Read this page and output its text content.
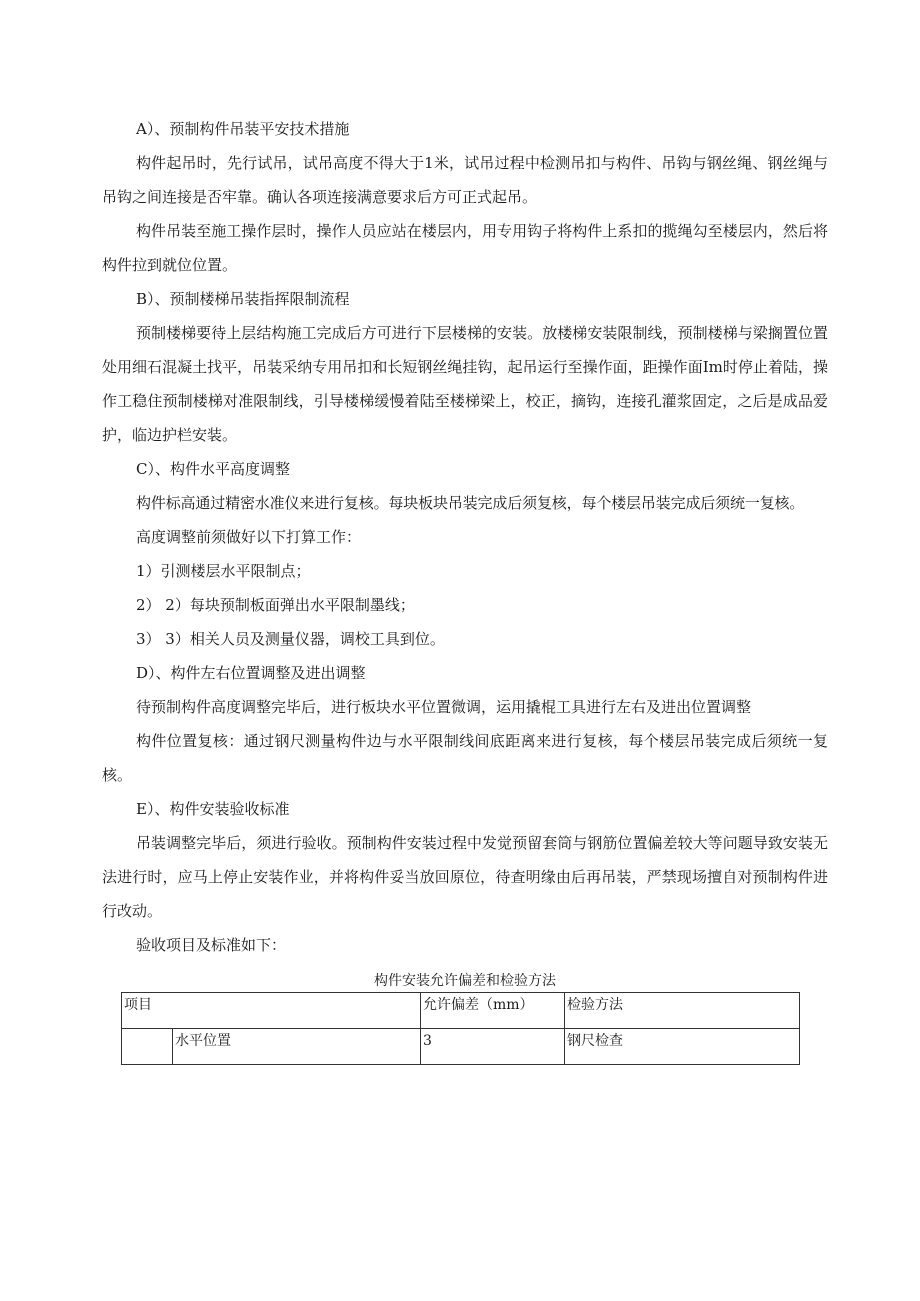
A）、预制构件吊装平安技术措施

构件起吊时，先行试吊，试吊高度不得大于1米，试吊过程中检测吊扣与构件、吊钩与钢丝绳、钢丝绳与吊钩之间连接是否牢靠。确认各项连接满意要求后方可正式起吊。

构件吊装至施工操作层时，操作人员应站在楼层内，用专用钩子将构件上系扣的揽绳勾至楼层内，然后将构件拉到就位位置。

B）、预制楼梯吊装指挥限制流程

预制楼梯要待上层结构施工完成后方可进行下层楼梯的安装。放楼梯安装限制线，预制楼梯与梁搁置位置处用细石混凝土找平，吊装采纳专用吊扣和长短钢丝绳挂钩，起吊运行至操作面，距操作面Im时停止着陆，操作工稳住预制楼梯对准限制线，引导楼梯缓慢着陆至楼梯梁上，校正，摘钩，连接孔灌浆固定，之后是成品爱护，临边护栏安装。

C）、构件水平高度调整

构件标高通过精密水准仪来进行复核。每块板块吊装完成后须复核，每个楼层吊装完成后须统一复核。

高度调整前须做好以下打算工作：

1）引测楼层水平限制点；

2） 2）每块预制板面弹出水平限制墨线；

3） 3）相关人员及测量仪器，调校工具到位。

D）、构件左右位置调整及进出调整

待预制构件高度调整完毕后，进行板块水平位置微调，运用撬棍工具进行左右及进出位置调整

构件位置复核：通过钢尺测量构件边与水平限制线间底距离来进行复核，每个楼层吊装完成后须统一复核。

E）、构件安装验收标准

吊装调整完毕后，须进行验收。预制构件安装过程中发觉预留套筒与钢筋位置偏差较大等问题导致安装无法进行时，应马上停止安装作业，并将构件妥当放回原位，待查明缘由后再吊装，严禁现场擅自对预制构件进行改动。

验收项目及标准如下：

构件安装允许偏差和检验方法

项目		允许偏差（mm）	检验方法
	水平位置	3	钢尺检查
